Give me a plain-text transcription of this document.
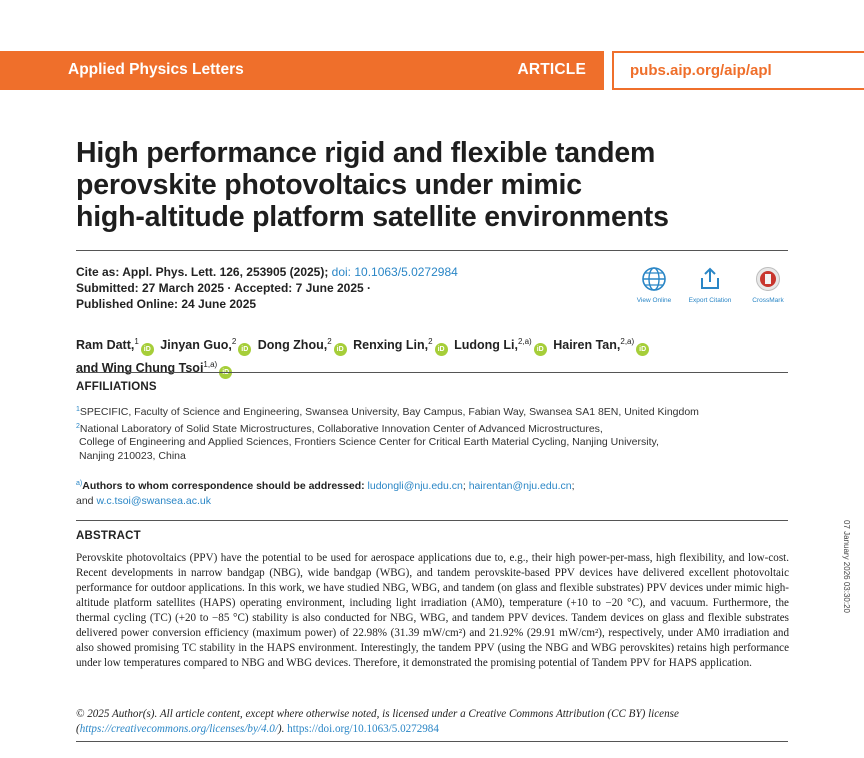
Applied Physics Letters	ARTICLE	pubs.aip.org/aip/apl
High performance rigid and flexible tandem
perovskite photovoltaics under mimic
high-altitude platform satellite environments
Cite as: Appl. Phys. Lett. 126, 253905 (2025); doi: 10.1063/5.0272984
Submitted: 27 March 2025 · Accepted: 7 June 2025 ·
Published Online: 24 June 2025	View Online	Export Citation	CrossMark
Ram Datt,$^1$iD Jinyan Guo,$^2$iD Dong Zhou,$^2$iD Renxing Lin,$^2$iD Ludong Li,$^{2,a)}$iD Hairen Tan,$^{2,a)}$iD
and Wing Chung Tsoi$^{1,a)}$iD
AFFILIATIONS
$^1$SPECIFIC, Faculty of Science and Engineering, Swansea University, Bay Campus, Fabian Way, Swansea SA1 8EN, United Kingdom
$^2$National Laboratory of Solid State Microstructures, Collaborative Innovation Center of Advanced Microstructures,
College of Engineering and Applied Sciences, Frontiers Science Center for Critical Earth Material Cycling, Nanjing University,
Nanjing 210023, China
$^{a)}$Authors to whom correspondence should be addressed: ludongli@nju.edu.cn; hairentan@nju.edu.cn;
and w.c.tsoi@swansea.ac.uk
ABSTRACT

Perovskite photovoltaics (PPV) have the potential to be used for aerospace applications due to, e.g., their high power-per-mass, high flexibility, and low-cost. Recent developments in narrow bandgap (NBG), wide bandgap (WBG), and tandem perovskite-based PPV devices have delivered excellent photovoltaic performance for outdoor applications. In this work, we have studied NBG, WBG, and tandem (on glass and flexible substrates) PPV devices under mimic high-altitude platform satellites (HAPS) operating environment, including light irradiation (AM0), temperature (+10 to −20 °C), and vacuum. Furthermore, the thermal cycling (TC) (+20 to −85 °C) stability is also conducted for NBG, WBG, and tandem PPV devices. Tandem devices on glass and flexible substrates delivered power conversion efficiency (maximum power) of 22.98% (31.39 mW/cm²) and 21.92% (29.91 mW/cm²), respectively, under AM0 irradiation and also showed promising TC stability in the HAPS environment. Interestingly, the tandem PPV (using the NBG and WBG perovskites) retains high performance under low temperatures compared to NBG and WBG devices. Therefore, it demonstrated the promising potential of Tandem PPV for HAPS application.

© 2025 Author(s). All article content, except where otherwise noted, is licensed under a Creative Commons Attribution (CC BY) license (https://creativecommons.org/licenses/by/4.0/). https://doi.org/10.1063/5.0272984

07 January 2026 03:30:20
